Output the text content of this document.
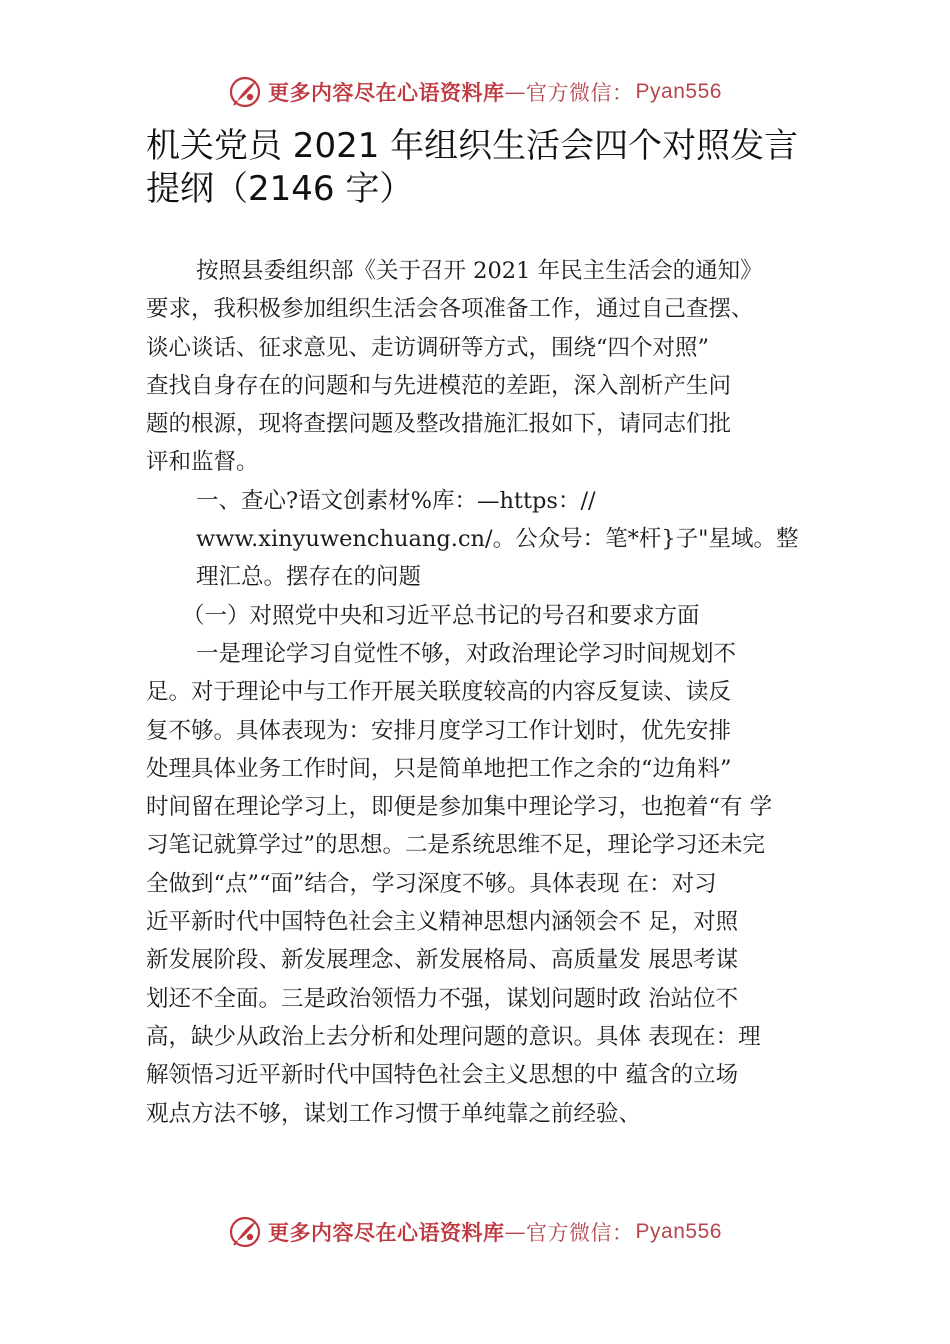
更多内容尽在心语资料库 — 官方微信： Pyan556
机关党员 2021 年组织生活会四个对照发言
提纲（2146 字）
按照县委组织部《关于召开 2021 年民主生活会的通知》
要求，我积极参加组织生活会各项准备工作，通过自己查摆、
谈心谈话、征求意见、走访调研等方式，围绕“四个对照”
查找自身存在的问题和与先进模范的差距，深入剖析产生问
题的根源，现将查摆问题及整改措施汇报如下，请同志们批
评和监督。
一、查心?语文创素材%库：—https：//
www.xinyuwenchuang.cn/。公众号：笔*杆}子"星域。整
理汇总。摆存在的问题
（一）对照党中央和习近平总书记的号召和要求方面
一是理论学习自觉性不够，对政治理论学习时间规划不
足。对于理论中与工作开展关联度较高的内容反复读、读反
复不够。具体表现为：安排月度学习工作计划时，优先安排
处理具体业务工作时间，只是简单地把工作之余的“边角料”
时间留在理论学习上，即便是参加集中理论学习，也抱着“有 学
习笔记就算学过”的思想。二是系统思维不足，理论学习还未完
全做到“点”“面”结合，学习深度不够。具体表现 在：对习
近平新时代中国特色社会主义精神思想内涵领会不 足，对照
新发展阶段、新发展理念、新发展格局、高质量发 展思考谋
划还不全面。三是政治领悟力不强，谋划问题时政 治站位不
高，缺少从政治上去分析和处理问题的意识。具体 表现在：理
解领悟习近平新时代中国特色社会主义思想的中 蕴含的立场
观点方法不够，谋划工作习惯于单纯靠之前经验、
更多内容尽在心语资料库 — 官方微信： Pyan556
